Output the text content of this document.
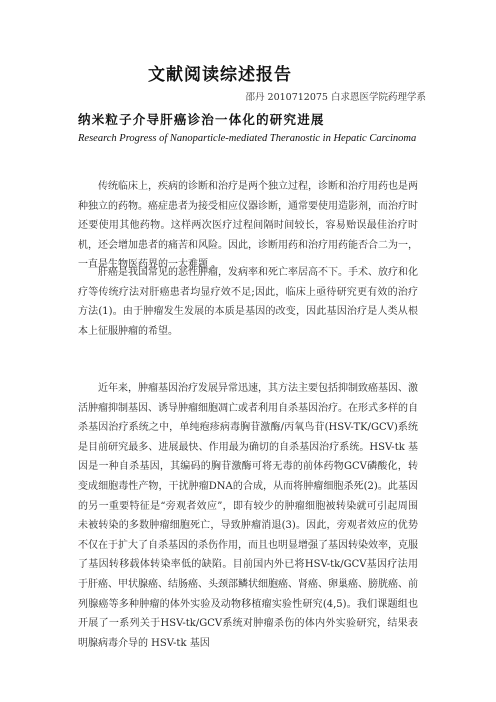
文献阅读综述报告
邵丹 2010712075 白求恩医学院药理学系
纳米粒子介导肝癌诊治一体化的研究进展
Research Progress of Nanoparticle-mediated Theranostic in Hepatic Carcinoma

传统临床上，疾病的诊断和治疗是两个独立过程，诊断和治疗用药也是两种独立的药物。癌症患者为接受相应仪器诊断，通常要使用造影剂，而治疗时还要使用其他药物。这样两次医疗过程间隔时间较长，容易贻误最佳治疗时机，还会增加患者的痛苦和风险。因此，诊断用药和治疗用药能否合二为一，一直是生物医药界的一大难题 。

肝癌是我国常见的恶性肿瘤，发病率和死亡率居高不下。手术、放疗和化疗等传统疗法对肝癌患者均显疗效不足;因此，临床上亟待研究更有效的治疗方法(1)。由于肿瘤发生发展的本质是基因的改变，因此基因治疗是人类从根本上征服肿瘤的希望。

近年来，肿瘤基因治疗发展异常迅速，其方法主要包括抑制致癌基因、激活肿瘤抑制基因、诱导肿瘤细胞凋亡或者利用自杀基因治疗。在形式多样的自杀基因治疗系统之中，单纯疱疹病毒胸苷激酶/丙氧鸟苷(HSV-TK/GCV)系统是目前研究最多、进展最快、作用最为确切的自杀基因治疗系统。HSV-tk 基因是一种自杀基因，其编码的胸苷激酶可将无毒的前体药物GCV磷酸化，转变成细胞毒性产物，干扰肿瘤DNA的合成，从而将肿瘤细胞杀死(2)。此基因的另一重要特征是“旁观者效应”，即有较少的肿瘤细胞被转染就可引起周围未被转染的多数肿瘤细胞死亡，导致肿瘤消退(3)。因此，旁观者效应的优势不仅在于扩大了自杀基因的杀伤作用，而且也明显增强了基因转染效率，克服了基因转移载体转染率低的缺陷。目前国内外已将HSV-tk/GCV基因疗法用于肝癌、甲状腺癌、结肠癌、头颈部鳞状细胞癌、肾癌、卵巢癌、膀胱癌、前列腺癌等多种肿瘤的体外实验及动物移植瘤实验性研究(4,5)。我们课题组也开展了一系列关于HSV-tk/GCV系统对肿瘤杀伤的体内外实验研究，结果表明腺病毒介导的 HSV-tk 基因
